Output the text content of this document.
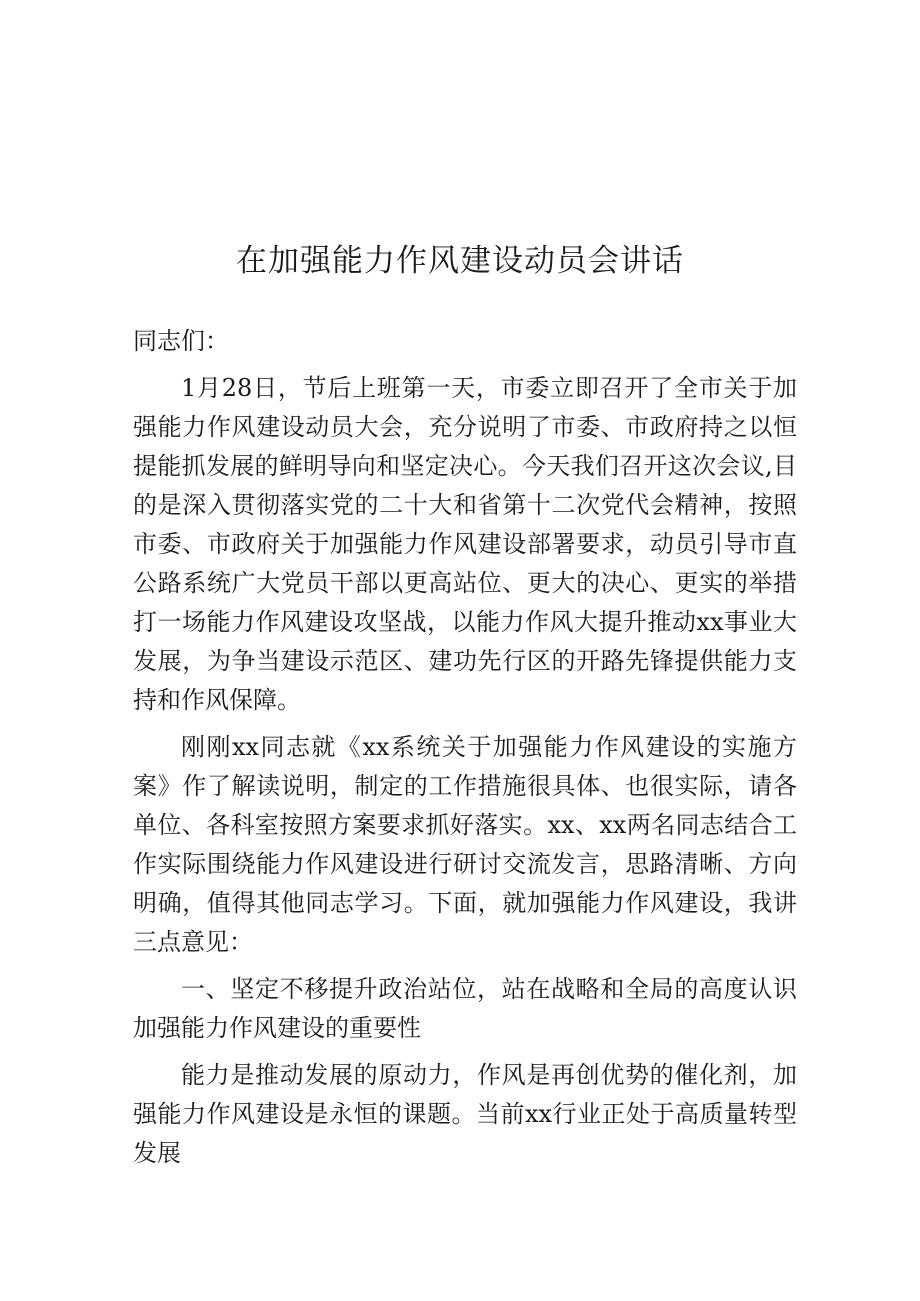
在加强能力作风建设动员会讲话

同志们：

1月28日，节后上班第一天，市委立即召开了全市关于加强能力作风建设动员大会，充分说明了市委、市政府持之以恒提能抓发展的鲜明导向和坚定决心。今天我们召开这次会议,目的是深入贯彻落实党的二十大和省第十二次党代会精神，按照市委、市政府关于加强能力作风建设部署要求，动员引导市直公路系统广大党员干部以更高站位、更大的决心、更实的举措打一场能力作风建设攻坚战，以能力作风大提升推动xx事业大发展，为争当建设示范区、建功先行区的开路先锋提供能力支持和作风保障。

刚刚xx同志就《xx系统关于加强能力作风建设的实施方案》作了解读说明，制定的工作措施很具体、也很实际，请各单位、各科室按照方案要求抓好落实。xx、xx两名同志结合工作实际围绕能力作风建设进行研讨交流发言，思路清晰、方向明确，值得其他同志学习。下面，就加强能力作风建设，我讲三点意见：

一、坚定不移提升政治站位，站在战略和全局的高度认识加强能力作风建设的重要性

能力是推动发展的原动力，作风是再创优势的催化剂，加强能力作风建设是永恒的课题。当前xx行业正处于高质量转型发展
